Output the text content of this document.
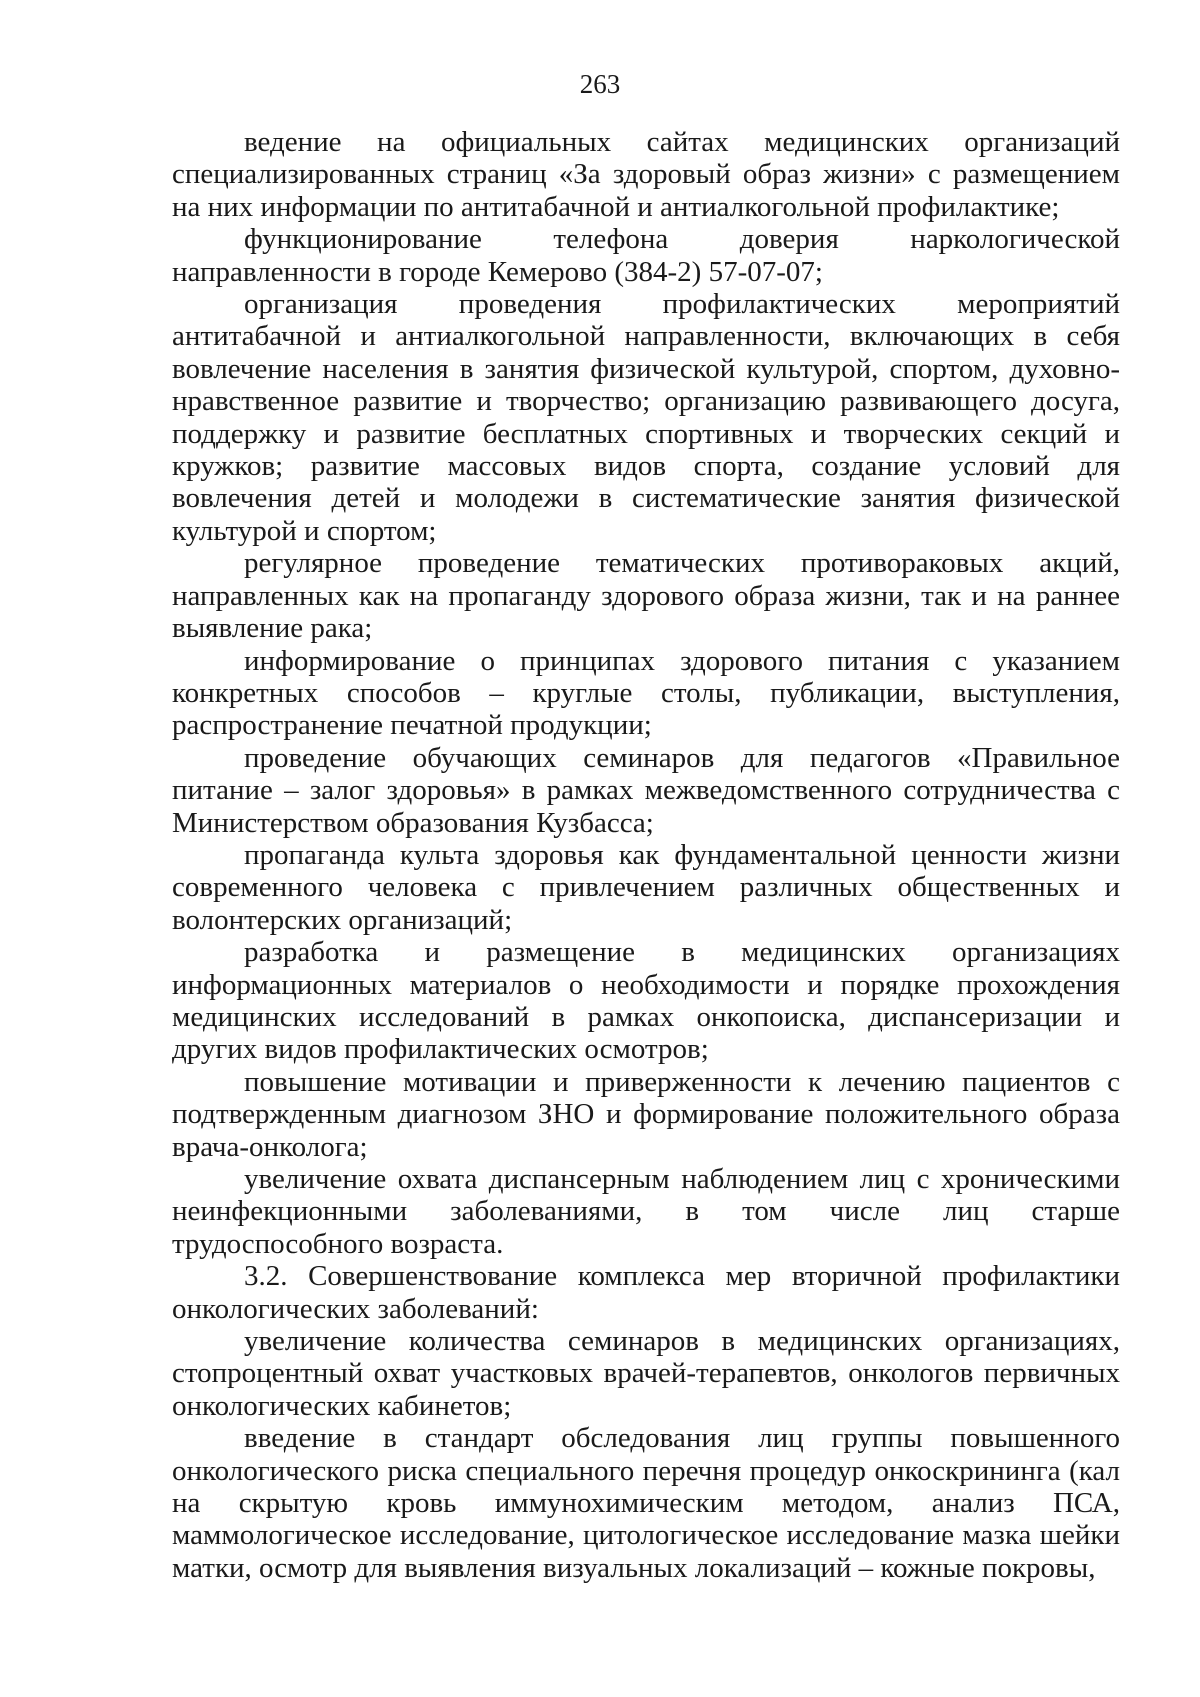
263

ведение на официальных сайтах медицинских организаций специализированных страниц «За здоровый образ жизни» с размещением на них информации по антитабачной и антиалкогольной профилактике;

функционирование телефона доверия наркологической направленности в городе Кемерово (384-2) 57-07-07;

организация проведения профилактических мероприятий антитабачной и антиалкогольной направленности, включающих в себя вовлечение населения в занятия физической культурой, спортом, духовно-нравственное развитие и творчество; организацию развивающего досуга, поддержку и развитие бесплатных спортивных и творческих секций и кружков; развитие массовых видов спорта, создание условий для вовлечения детей и молодежи в систематические занятия физической культурой и спортом;

регулярное проведение тематических противораковых акций, направленных как на пропаганду здорового образа жизни, так и на раннее выявление рака;

информирование о принципах здорового питания с указанием конкретных способов – круглые столы, публикации, выступления, распространение печатной продукции;

проведение обучающих семинаров для педагогов «Правильное питание – залог здоровья» в рамках межведомственного сотрудничества с Министерством образования Кузбасса;

пропаганда культа здоровья как фундаментальной ценности жизни современного человека с привлечением различных общественных и волонтерских организаций;

разработка и размещение в медицинских организациях информационных материалов о необходимости и порядке прохождения медицинских исследований в рамках онкопоиска, диспансеризации и других видов профилактических осмотров;

повышение мотивации и приверженности к лечению пациентов с подтвержденным диагнозом ЗНО и формирование положительного образа врача-онколога;

увеличение охвата диспансерным наблюдением лиц с хроническими неинфекционными заболеваниями, в том числе лиц старше трудоспособного возраста.

3.2. Совершенствование комплекса мер вторичной профилактики онкологических заболеваний:

увеличение количества семинаров в медицинских организациях, стопроцентный охват участковых врачей-терапевтов, онкологов первичных онкологических кабинетов;

введение в стандарт обследования лиц группы повышенного онкологического риска специального перечня процедур онкоскрининга (кал на скрытую кровь иммунохимическим методом, анализ ПСА, маммологическое исследование, цитологическое исследование мазка шейки матки, осмотр для выявления визуальных локализаций – кожные покровы,
